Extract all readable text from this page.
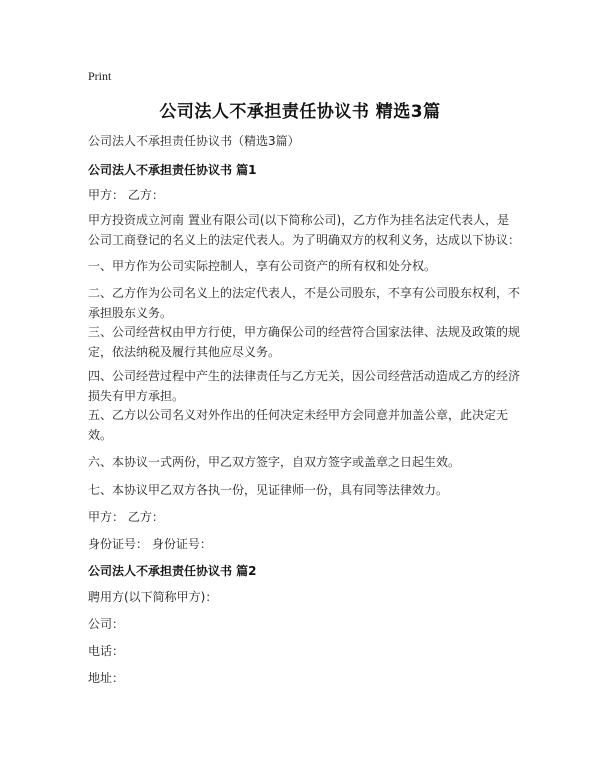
Print
公司法人不承担责任协议书 精选3篇
公司法人不承担责任协议书（精选3篇）
公司法人不承担责任协议书 篇1
甲方： 乙方：
甲方投资成立河南 置业有限公司(以下简称公司)，乙方作为挂名法定代表人，是公司工商登记的名义上的法定代表人。为了明确双方的权利义务，达成以下协议：
一、甲方作为公司实际控制人，享有公司资产的所有权和处分权。
二、乙方作为公司名义上的法定代表人，不是公司股东，不享有公司股东权利，不承担股东义务。
三、公司经营权由甲方行使，甲方确保公司的经营符合国家法律、法规及政策的规定，依法纳税及履行其他应尽义务。
四、公司经营过程中产生的法律责任与乙方无关，因公司经营活动造成乙方的经济损失有甲方承担。
五、乙方以公司名义对外作出的任何决定未经甲方会同意并加盖公章，此决定无效。
六、本协议一式两份，甲乙双方签字，自双方签字或盖章之日起生效。
七、本协议甲乙双方各执一份，见证律师一份，具有同等法律效力。
甲方： 乙方：
身份证号： 身份证号：
公司法人不承担责任协议书 篇2
聘用方(以下简称甲方)：
公司：
电话：
地址：
